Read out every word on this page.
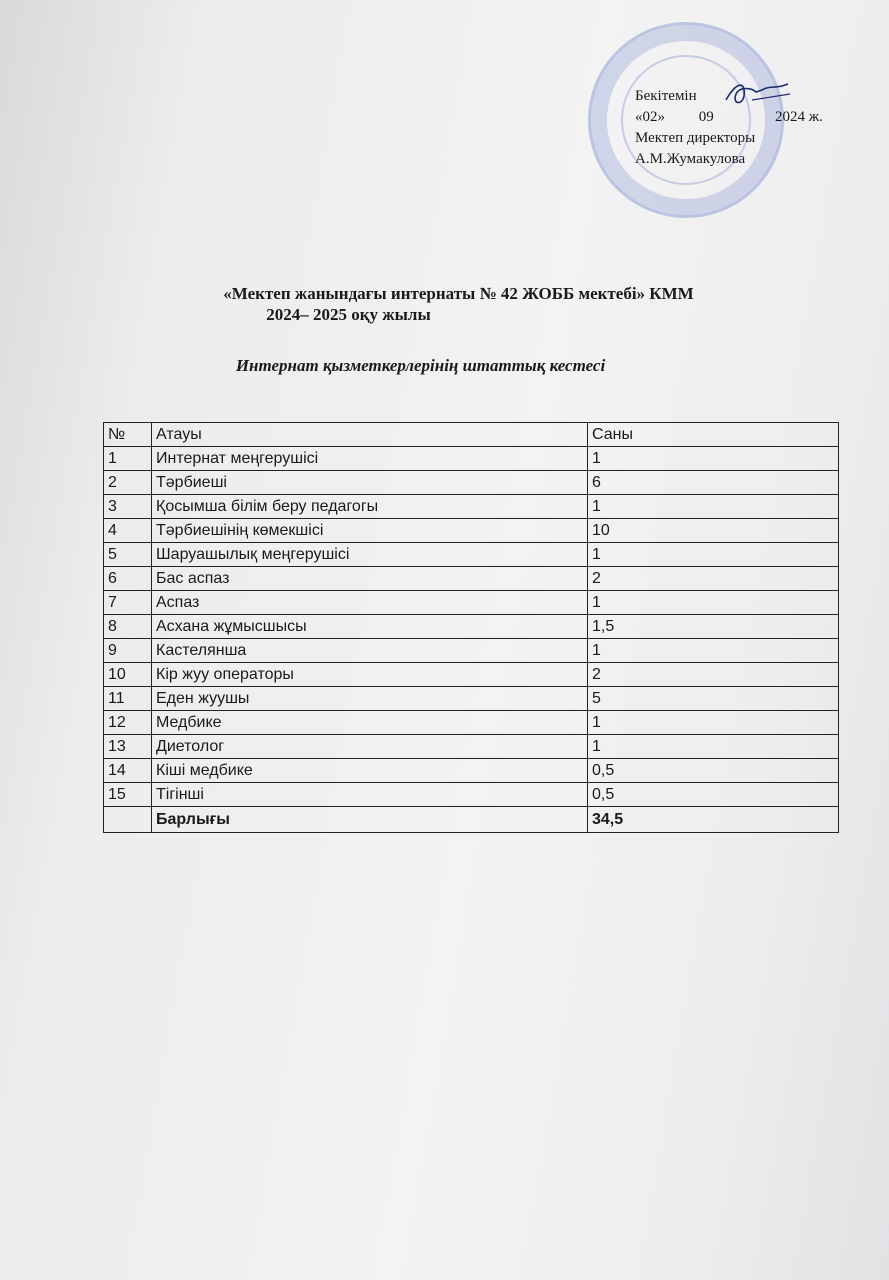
Бекітемін
«02» 09	2024 ж.
Мектеп директоры
А.М.Жумакулова
«Мектеп жанындағы интернаты № 42 ЖОББ мектебі» КММ
2024– 2025 оқу жылы
Интернат қызметкерлерінің штаттық кестесі
№	Атауы	Саны
1	Интернат меңгерушісі	1
2	Тәрбиеші	6
3	Қосымша білім беру педагогы	1
4	Тәрбиешінің көмекшісі	10
5	Шаруашылық меңгерушісі	1
6	Бас аспаз	2
7	Аспаз	1
8	Асхана жұмысшысы	1,5
9	Кастелянша	1
10	Кір жуу операторы	2
11	Еден жуушы	5
12	Медбике	1
13	Диетолог	1
14	Кіші медбике	0,5
15	Тігінші	0,5
	Барлығы	34,5
